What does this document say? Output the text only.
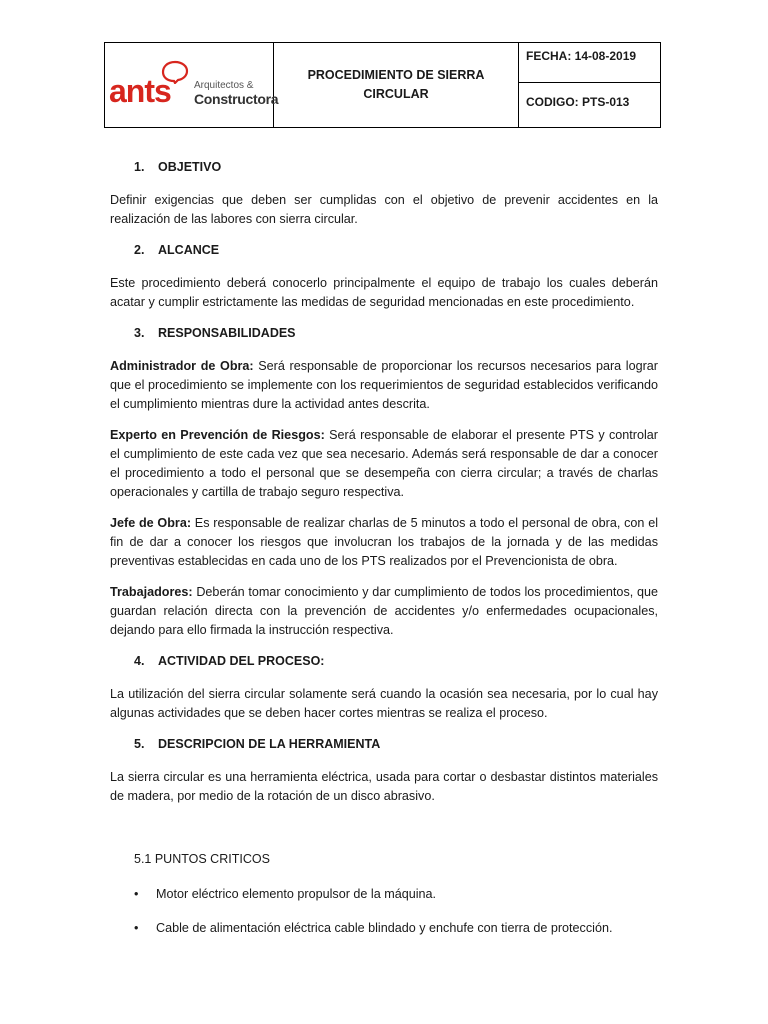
ants Arquitectos &
Constructora
PROCEDIMIENTO DE SIERRA CIRCULAR
FECHA: 14-08-2019
CODIGO: PTS-013
1.	OBJETIVO

Definir exigencias que deben ser cumplidas con el objetivo de prevenir accidentes en la realización de las labores con sierra circular.

2.	ALCANCE

Este procedimiento deberá conocerlo principalmente el equipo de trabajo los cuales deberán acatar y cumplir estrictamente las medidas de seguridad mencionadas en este procedimiento.

3.	RESPONSABILIDADES

Administrador de Obra: Será responsable de proporcionar los recursos necesarios para lograr que el procedimiento se implemente con los requerimientos de seguridad establecidos verificando el cumplimiento mientras dure la actividad antes descrita.

Experto en Prevención de Riesgos: Será responsable de elaborar el presente PTS y controlar el cumplimiento de este cada vez que sea necesario. Además será responsable de dar a conocer el procedimiento a todo el personal que se desempeña con cierra circular; a través de charlas operacionales y cartilla de trabajo seguro respectiva.

Jefe de Obra: Es responsable de realizar charlas de 5 minutos a todo el personal de obra, con el fin de dar a conocer los riesgos que involucran los trabajos de la jornada y de las medidas preventivas establecidas en cada uno de los PTS realizados por el Prevencionista de obra.

Trabajadores: Deberán tomar conocimiento y dar cumplimiento de todos los procedimientos, que guardan relación directa con la prevención de accidentes y/o enfermedades ocupacionales, dejando para ello firmada la instrucción respectiva.

4.	ACTIVIDAD DEL PROCESO:

La utilización del sierra circular solamente será cuando la ocasión sea necesaria, por lo cual hay algunas actividades que se deben hacer cortes mientras se realiza el proceso.

5.	DESCRIPCION DE LA HERRAMIENTA

La sierra circular es una herramienta eléctrica, usada para cortar o desbastar distintos materiales de madera, por medio de la rotación de un disco abrasivo.

5.1 PUNTOS CRITICOS
•	Motor eléctrico elemento propulsor de la máquina.
•	Cable de alimentación eléctrica cable blindado y enchufe con tierra de protección.
